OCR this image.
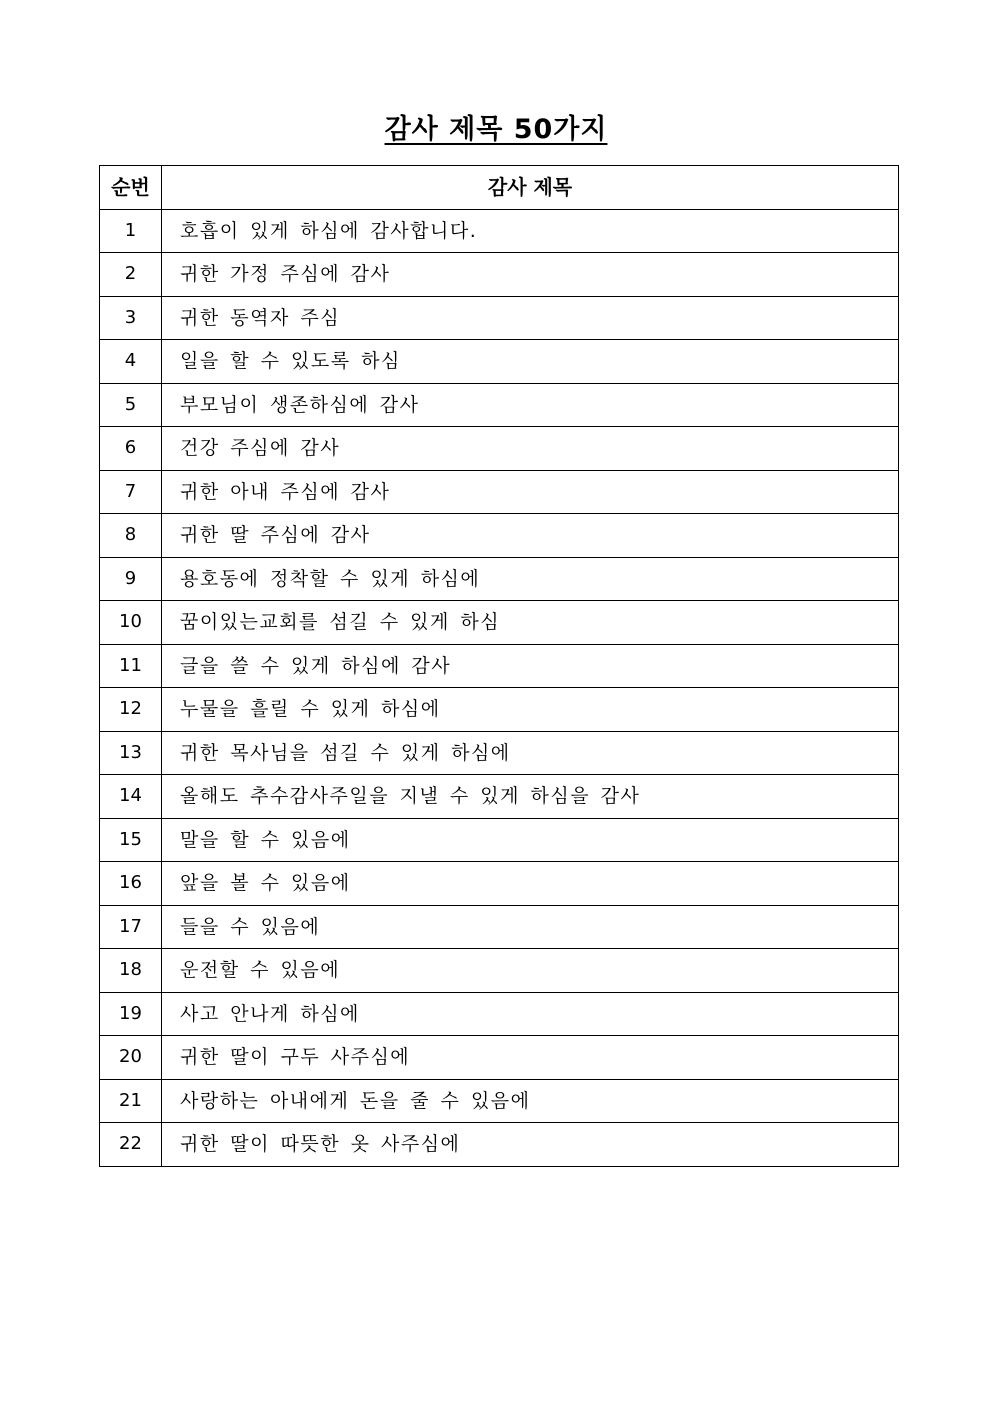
감사 제목 50가지
순번	감사 제목
1	호흡이 있게 하심에 감사합니다.
2	귀한 가정 주심에 감사
3	귀한 동역자 주심
4	일을 할 수 있도록 하심
5	부모님이 생존하심에 감사
6	건강 주심에 감사
7	귀한 아내 주심에 감사
8	귀한 딸 주심에 감사
9	용호동에 정착할 수 있게 하심에
10	꿈이있는교회를 섬길 수 있게 하심
11	글을 쓸 수 있게 하심에 감사
12	누물을 흘릴 수 있게 하심에
13	귀한 목사님을 섬길 수 있게 하심에
14	올해도 추수감사주일을 지낼 수 있게 하심을 감사
15	말을 할 수 있음에
16	앞을 볼 수 있음에
17	들을 수 있음에
18	운전할 수 있음에
19	사고 안나게 하심에
20	귀한 딸이 구두 사주심에
21	사랑하는 아내에게 돈을 줄 수 있음에
22	귀한 딸이 따뜻한 옷 사주심에
